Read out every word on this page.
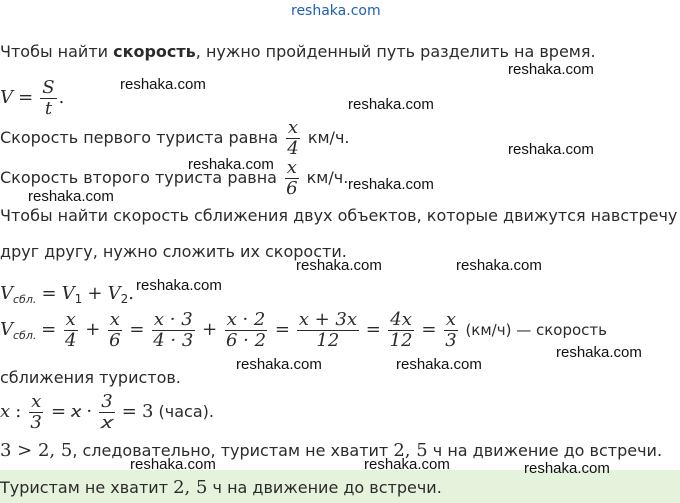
reshaka.com
Чтобы найти скорость, нужно пройденный путь разделить на время.
$V = \frac{S}{t}$ .
Скорость первого туриста равна $\frac{x}{4} км/ч$.
Скорость второго туриста равна $\frac{x}{6} км/ч$.
Чтобы найти скорость сближения двух объектов, которые движутся навстречу
друг другу, нужно сложить их скорости.
$V_{сбл.} = V_1 + V_2$.
$V_{сбл.} = \frac{x}{4} + \frac{x}{6} = \frac{x \cdot 3}{4 \cdot 3} + \frac{x \cdot 2}{6 \cdot 2} = \frac{x + 3x}{12} = \frac{4x}{12} = \frac{x}{3} (км/ч)$ — скорость
сближения туристов.
x : $\frac{x}{3} = x \cdot \frac{3}{x} = 3$ (часа).
3 > 2, 5, следовательно, туристам не хватит 2, 5 ч на движение до встречи.
Туристам не хватит 2, 5 ч на движение до встречи.
reshaka.com
reshaka.com
reshaka.com
reshaka.com
reshaka.com
reshaka.com
reshaka.com
reshaka.com	reshaka.com
reshaka.com
reshaka.com
reshaka.com	reshaka.com
reshaka.com	reshaka.com	reshaka.com
